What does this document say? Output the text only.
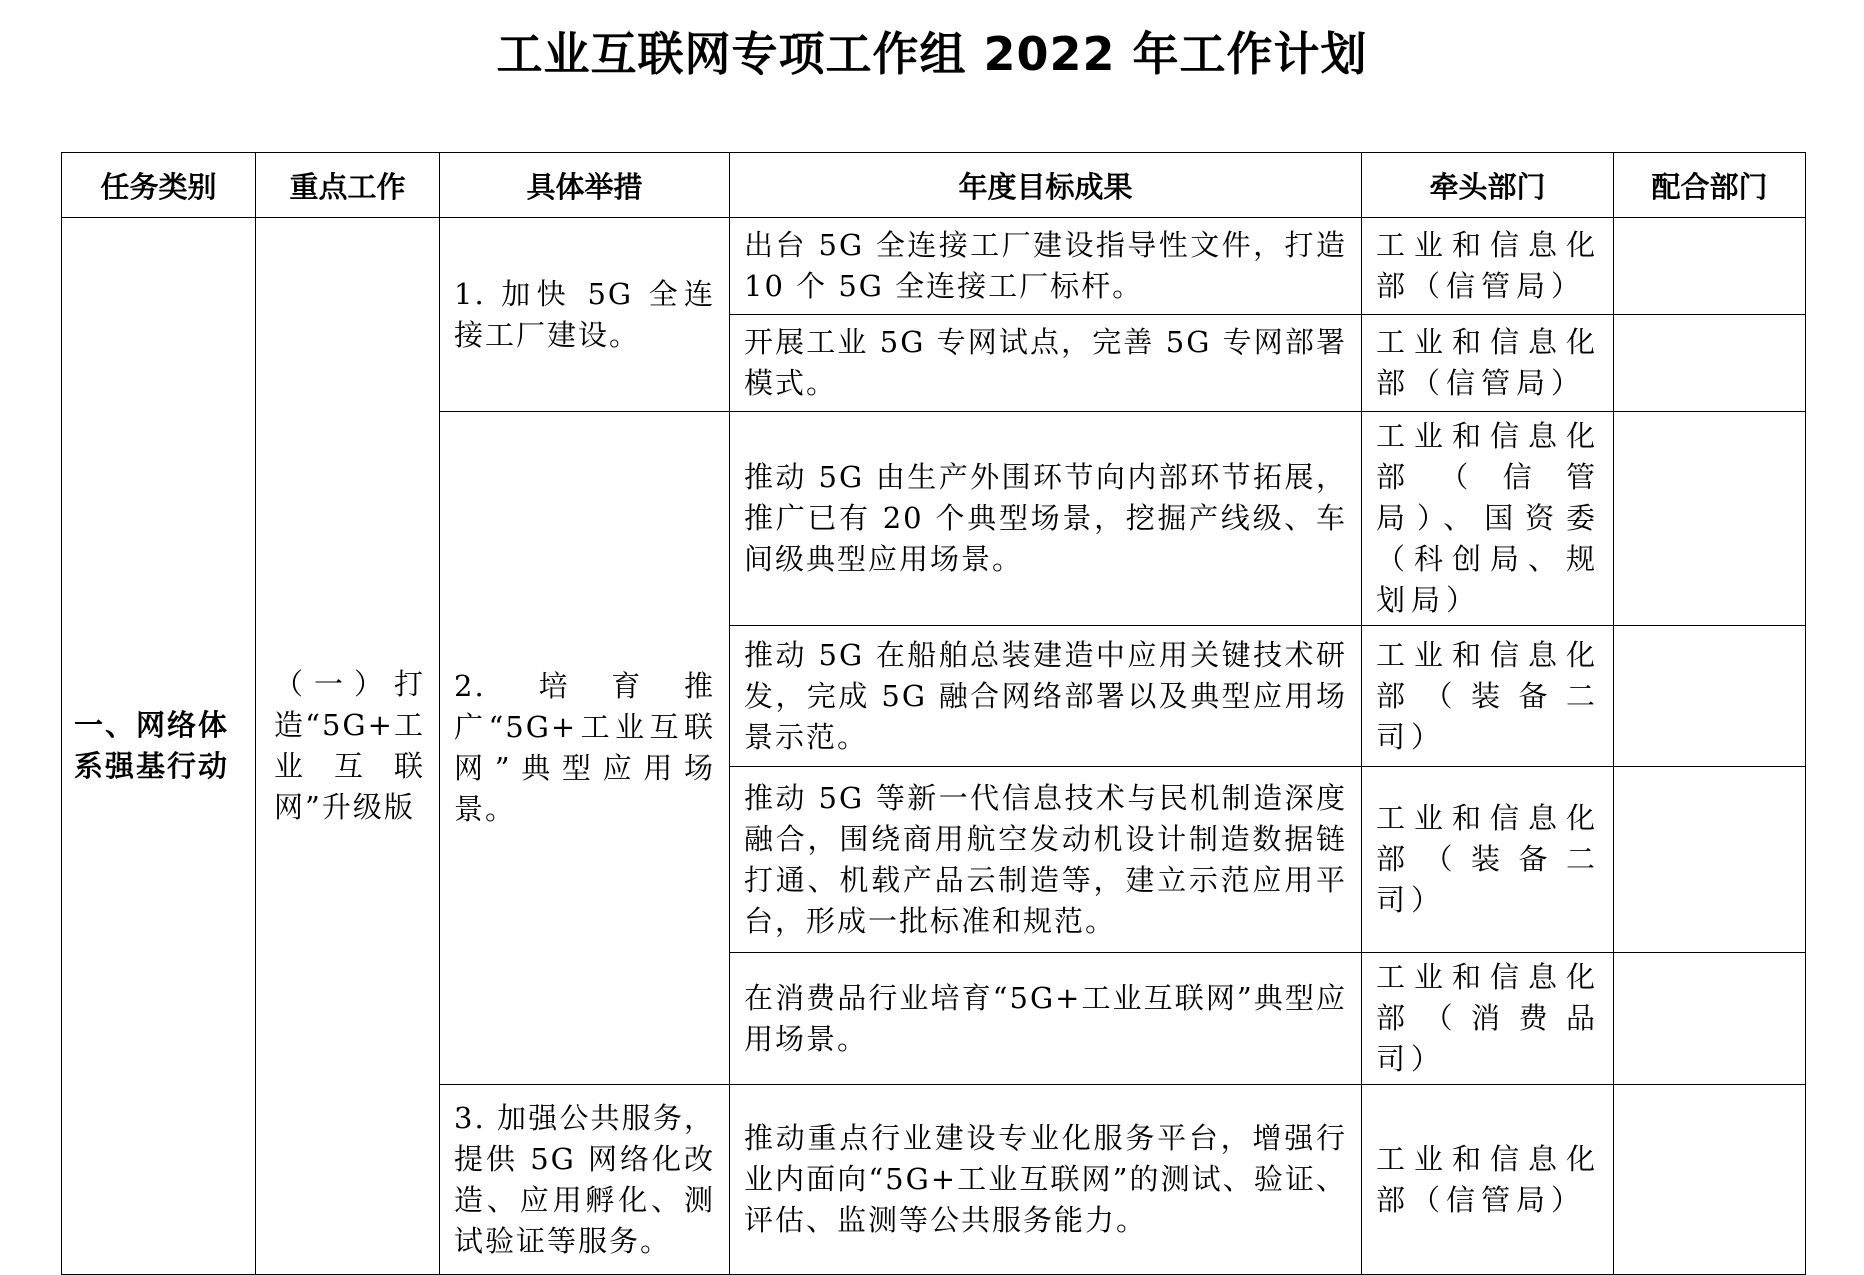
工业互联网专项工作组 2022 年工作计划
任务类别	重点工作	具体举措	年度目标成果	牵头部门	配合部门

一、网络体系强基行动	（一）打造“5G+工业互联网”升级版	1. 加快 5G 全连接工厂建设。	出台 5G 全连接工厂建设指导性文件，打造 10 个 5G 全连接工厂标杆。	工业和信息化部（信管局）	

			开展工业 5G 专网试点，完善 5G 专网部署模式。	工业和信息化部（信管局）	

		2. 培育推广“5G+工业互联网”典型应用场景。	推动 5G 由生产外围环节向内部环节拓展，推广已有 20 个典型场景，挖掘产线级、车间级典型应用场景。	工业和信息化部（信管局）、国资委（科创局、规划局）	

			推动 5G 在船舶总装建造中应用关键技术研发，完成 5G 融合网络部署以及典型应用场景示范。	工业和信息化部（装备二司）	

			推动 5G 等新一代信息技术与民机制造深度融合，围绕商用航空发动机设计制造数据链打通、机载产品云制造等，建立示范应用平台，形成一批标准和规范。	工业和信息化部（装备二司）	

			在消费品行业培育“5G+工业互联网”典型应用场景。	工业和信息化部（消费品司）	

		3. 加强公共服务，提供 5G 网络化改造、应用孵化、测试验证等服务。	推动重点行业建设专业化服务平台，增强行业内面向“5G+工业互联网”的测试、验证、评估、监测等公共服务能力。	工业和信息化部（信管局）	
